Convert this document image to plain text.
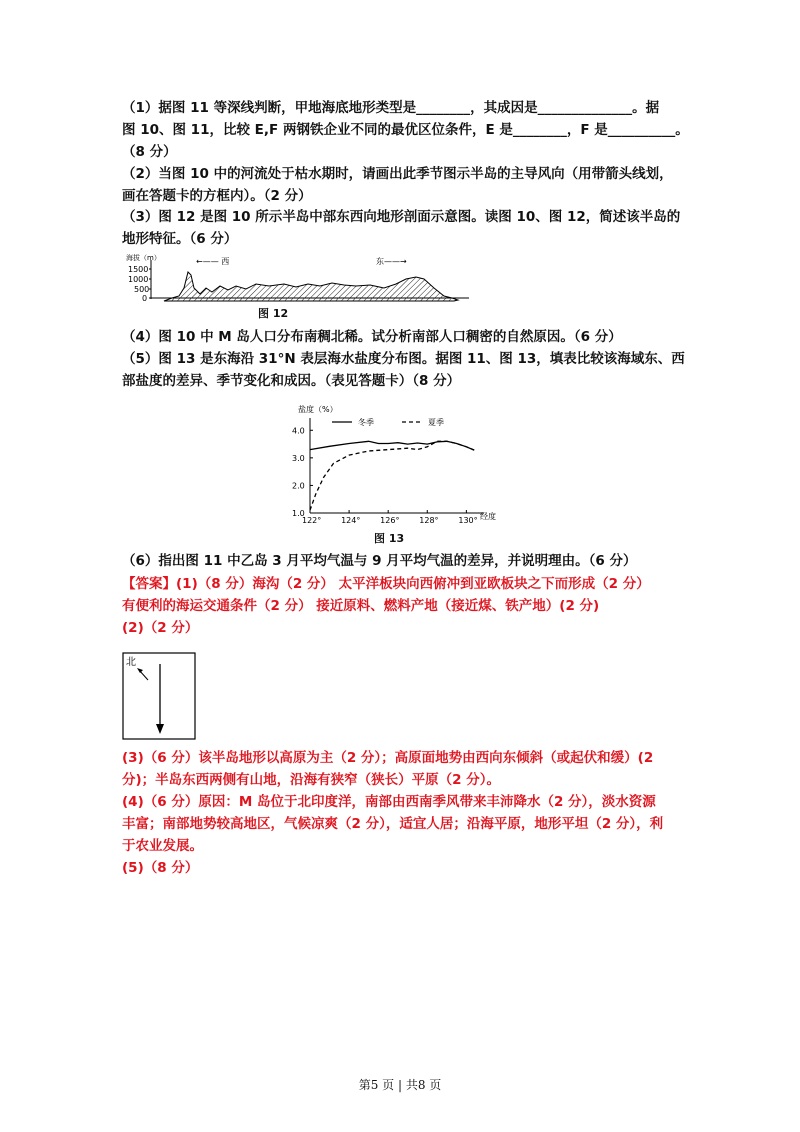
（1）据图 11 等深线判断，甲地海底地形类型是________，其成因是______________。据
图 10、图 11，比较 E,F 两钢铁企业不同的最优区位条件，E 是________，F 是__________。
（8 分）
（2）当图 10 中的河流处于枯水期时，请画出此季节图示半岛的主导风向（用带箭头线划，
画在答题卡的方框内）。（2 分）
（3）图 12 是图 10 所示半岛中部东西向地形剖面示意图。读图 10、图 12，简述该半岛的
地形特征。（6 分）
海拔（m）
1500
1000
500
0
←—— 西	东——→
图 12
（4）图 10 中 M 岛人口分布南稠北稀。试分析南部人口稠密的自然原因。（6 分）
（5）图 13 是东海沿 31°N 表层海水盐度分布图。据图 11、图 13，填表比较该海域东、西
部盐度的差异、季节变化和成因。（表见答题卡）（8 分）
盐度（%）
经度
4.0
3.0
2.0
1.0
122° 124° 126° 128° 130°
冬季	夏季
图 13
（6）指出图 11 中乙岛 3 月平均气温与 9 月平均气温的差异，并说明理由。（6 分）
【答案】(1)（8 分）海沟（2 分） 太平洋板块向西俯冲到亚欧板块之下而形成（2 分）
有便利的海运交通条件（2 分） 接近原料、燃料产地（接近煤、铁产地）(2 分)
(2)（2 分）
北
(3)（6 分）该半岛地形以高原为主（2 分）；高原面地势由西向东倾斜（或起伏和缓）(2
分)；半岛东西两侧有山地，沿海有狭窄（狭长）平原（2 分）。
(4)（6 分）原因：M 岛位于北印度洋，南部由西南季风带来丰沛降水（2 分），淡水资源
丰富；南部地势较高地区，气候凉爽（2 分），适宜人居；沿海平原，地形平坦（2 分），利
于农业发展。
(5)（8 分）
第5 页 | 共8 页
